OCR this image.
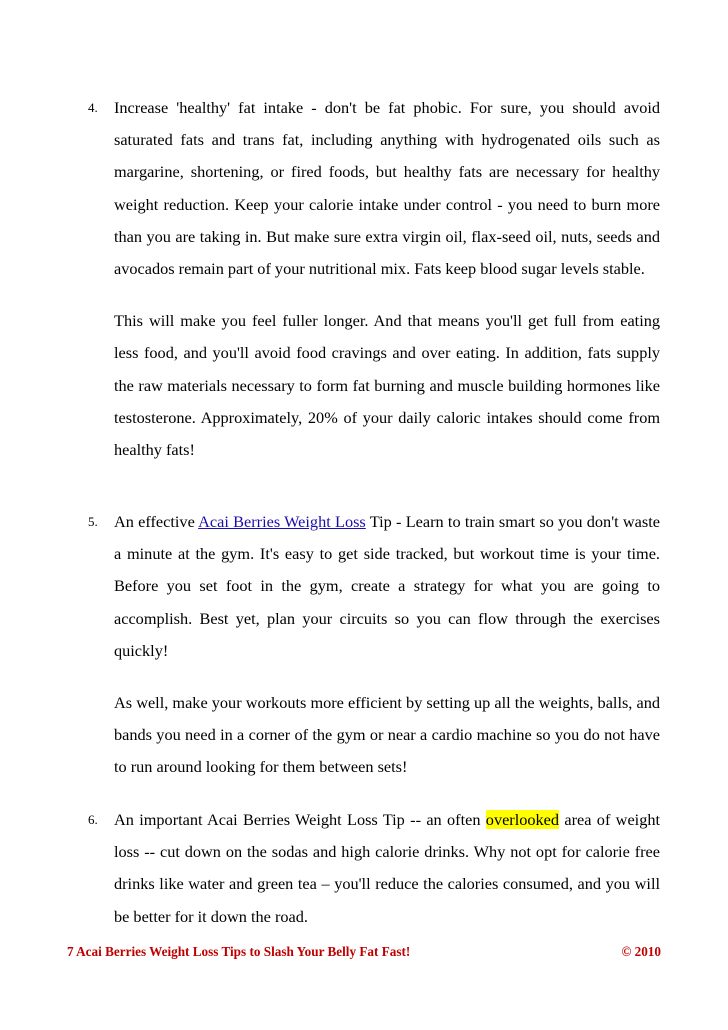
4. Increase 'healthy' fat intake - don't be fat phobic. For sure, you should avoid saturated fats and trans fat, including anything with hydrogenated oils such as margarine, shortening, or fired foods, but healthy fats are necessary for healthy weight reduction. Keep your calorie intake under control - you need to burn more than you are taking in. But make sure extra virgin oil, flax-seed oil, nuts, seeds and avocados remain part of your nutritional mix. Fats keep blood sugar levels stable.

This will make you feel fuller longer. And that means you'll get full from eating less food, and you'll avoid food cravings and over eating. In addition, fats supply the raw materials necessary to form fat burning and muscle building hormones like testosterone. Approximately, 20% of your daily caloric intakes should come from healthy fats!

5. An effective Acai Berries Weight Loss Tip - Learn to train smart so you don't waste a minute at the gym. It's easy to get side tracked, but workout time is your time. Before you set foot in the gym, create a strategy for what you are going to accomplish. Best yet, plan your circuits so you can flow through the exercises quickly!

As well, make your workouts more efficient by setting up all the weights, balls, and bands you need in a corner of the gym or near a cardio machine so you do not have to run around looking for them between sets!

6. An important Acai Berries Weight Loss Tip -- an often overlooked area of weight loss -- cut down on the sodas and high calorie drinks. Why not opt for calorie free drinks like water and green tea – you'll reduce the calories consumed, and you will be better for it down the road.

7 Acai Berries Weight Loss Tips to Slash Your Belly Fat Fast!	© 2010
